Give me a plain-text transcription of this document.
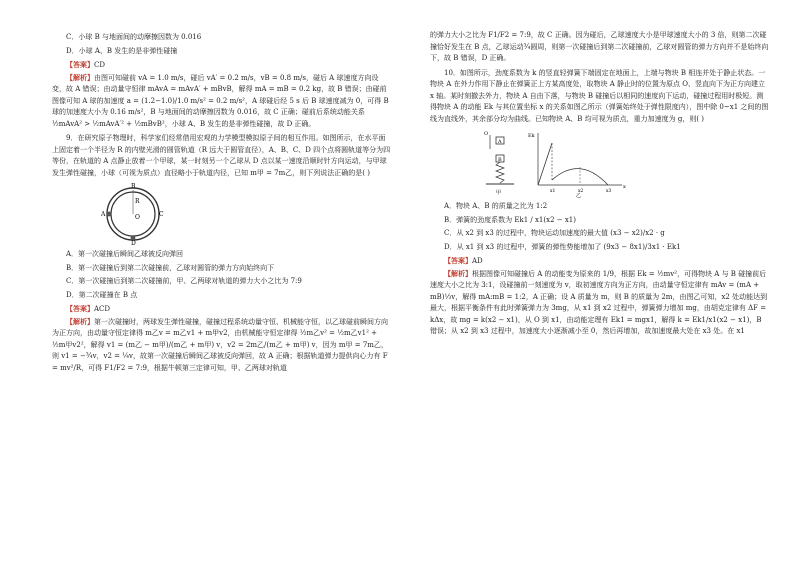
C．小球 B 与地面间的动摩擦因数为 0.016

D．小球 A、B 发生的是非弹性碰撞

【答案】CD

【解析】由图可知碰前 vA = 1.0 m/s，碰后 vA′ = 0.2 m/s，vB = 0.8 m/s，碰后 A 球速度方向设变，故 A 错误；由动量守恒律 mAvA = mAvA′ + mBvB，解得 mA = mB = 0.2 kg，故 B 错误；由碰前图像可知 A 球的加速度 a = (1.2−1.0)/1.0 m/s² = 0.2 m/s²，A 球碰后经 5 s 后 B 球速度减为 0，可得 B 球的加速度大小为 0.16 m/s²，B 与地面间的动摩擦因数为 0.016，故 C 正确；碰前后系统动能关系 ½mAvA² > ½mAvA′² + ½mBvB²，小球 A、B 发生的是非弹性碰撞，故 D 正确。

9．在研究原子物理时，科学家们经常借用宏观的力学模型模拟原子间的相互作用。如图所示，在水平面上固定着一个半径为 R 的内壁光滑的圆管轨道（R 远大于圆管直径），A、B、C、D 四个点将圆轨道等分为四等份，在轨道的 A 点静止放着一个甲球，某一时刻另一个乙球从 D 点以某一速度沿顺时针方向运动，与甲球发生弹性碰撞，小球（可视为质点）直径略小于轨道内径，已知 m甲 = 7m乙，则下列说法正确的是( )

A
B
C
D
O
R

A．第一次碰撞后瞬间乙球被反向弹回

B．第一次碰撞后到第二次碰撞前，乙球对圆管的弹力方向始终向下

C．第一次碰撞后到第二次碰撞前，甲、乙两球对轨道的弹力大小之比为 7:9

D．第二次碰撞在 B 点

【答案】ACD

【解析】第一次碰撞时，两球发生弹性碰撞，碰撞过程系统动量守恒、机械能守恒，以乙球碰前瞬间方向为正方向，由动量守恒定律得 m乙v = m乙v1 + m甲v2，由机械能守恒定律得 ½m乙v² = ½m乙v1² + ½m甲v2²，解得 v1 = (m乙 − m甲)/(m乙 + m甲) v，v2 = 2m乙/(m乙 + m甲) v，因为 m甲 = 7m乙，则 v1 = −¾v，v2 = ¼v，故第一次碰撞后瞬间乙球被反向弹回，故 A 正确；根据轨道弹力提供向心力有 F = mv²/R，可得 F1/F2 = 7:9，根据牛顿第三定律可知，甲、乙两球对轨道

的弹力大小之比为 F1/F2 = 7:9，故 C 正确。因为碰后，乙球速度大小是甲球速度大小的 3 倍，则第二次碰撞恰好发生在 B 点，乙球运动¾圆周，则第一次碰撞后到第二次碰撞前，乙球对圆管的弹力方向并不是始终向下，故 B 错误，D 正确。

10．如图所示，劲度系数为 k 的竖直轻弹簧下端固定在地面上，上端与物块 B 相连并处于静止状态。一物块 A 在外力作用下静止在弹簧正上方某高度处，取物块 A 静止时的位置为原点 O、竖直向下为正方向建立 x 轴。某时刻撤去外力，物块 A 自由下落，与物块 B 碰撞后以相同的速度向下运动，碰撞过程用时极短。测得物块 A 的动能 Ek 与其位置坐标 x 的关系如图乙所示（弹簧始终处于弹性限度内），图中除 0~x1 之间的图线为直线外，其余部分均为曲线。已知物块 A、B 均可视为质点，重力加速度为 g，则( )

O
A
B
甲
Ek
x
x1	x2	x3
乙

A．物块 A、B 的质量之比为 1:2

B．弹簧的劲度系数为 Ek1 / x1(x2 − x1)

C．从 x2 到 x3 的过程中，物块运动加速度的最大值 (x3 − x2)/x2 · g

D．从 x1 到 x3 的过程中，弹簧的弹性势能增加了 (9x3 − 8x1)/3x1 · Ek1

【答案】AD

【解析】根据图像可知碰撞后 A 的动能变为原来的 1/9，根据 Ek = ½mv²，可得物块 A 与 B 碰撞前后速度大小之比为 3:1，设碰撞前一刻速度为 v，取初速度方向为正方向，由动量守恒定律有 mAv = (mA + mB)⅓v，解得 mA:mB = 1:2，A 正确；设 A 质量为 m，则 B 的质量为 2m，由图乙可知，x2 处动能达到最大，根据平衡条件有此时弹簧弹力为 3mg，从 x1 到 x2 过程中，弹簧弹力增加 mg，由胡克定律有 ΔF = kΔx，故 mg = k(x2 − x1)，从 O 到 x1，由动能定理有 Ek1 = mgx1，解得 k = Ek1/x1(x2 − x1)，B 错误；从 x2 到 x3 过程中，加速度大小逐渐减小至 0，然后再增加，故加速度最大处在 x3 处。在 x1
